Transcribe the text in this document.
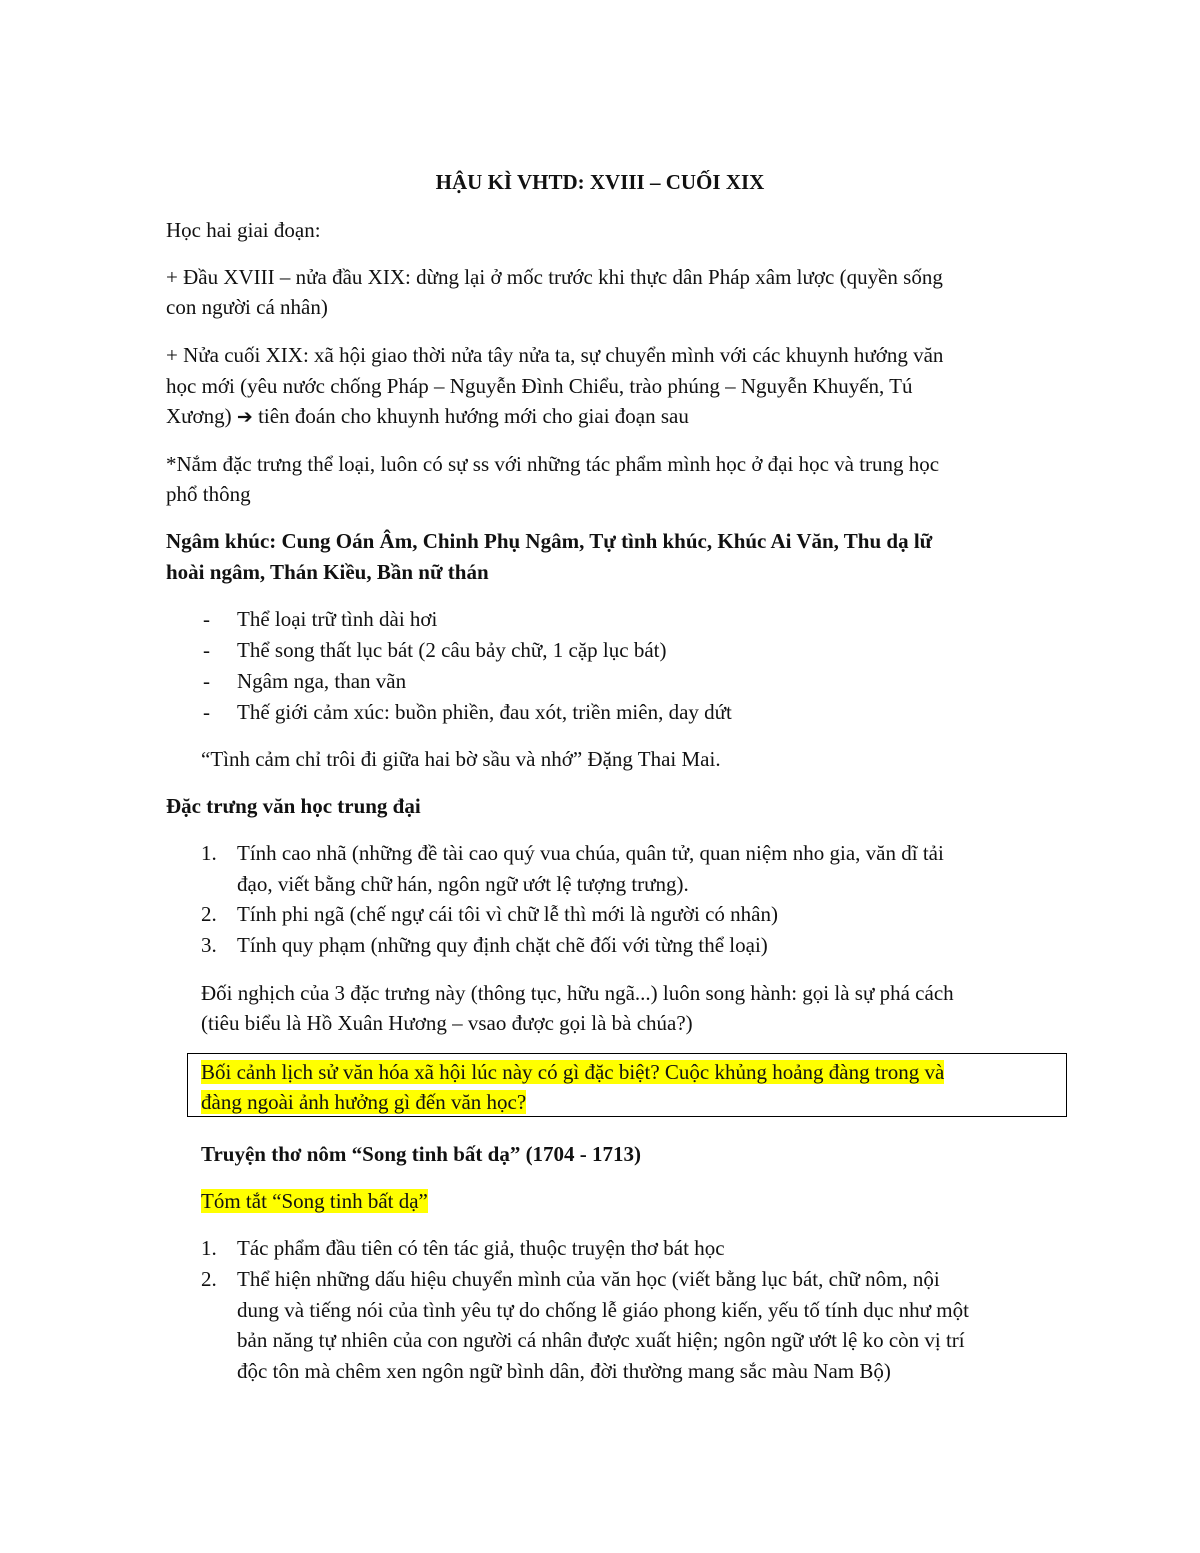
HẬU KÌ VHTD: XVIII – CUỐI XIX
Học hai giai đoạn:
+ Đầu XVIII – nửa đầu XIX: dừng lại ở mốc trước khi thực dân Pháp xâm lược (quyền sống
con người cá nhân)
+ Nửa cuối XIX: xã hội giao thời nửa tây nửa ta, sự chuyển mình với các khuynh hướng văn
học mới (yêu nước chống Pháp – Nguyễn Đình Chiểu, trào phúng – Nguyễn Khuyến, Tú
Xương) ➔ tiên đoán cho khuynh hướng mới cho giai đoạn sau
*Nắm đặc trưng thể loại, luôn có sự ss với những tác phẩm mình học ở đại học và trung học
phổ thông
Ngâm khúc: Cung Oán Âm, Chinh Phụ Ngâm, Tự tình khúc, Khúc Ai Văn, Thu dạ lữ
hoài ngâm, Thán Kiều, Bần nữ thán
- Thể loại trữ tình dài hơi
- Thể song thất lục bát (2 câu bảy chữ, 1 cặp lục bát)
- Ngâm nga, than vãn
- Thế giới cảm xúc: buồn phiền, đau xót, triền miên, day dứt
“Tình cảm chỉ trôi đi giữa hai bờ sầu và nhớ” Đặng Thai Mai.
Đặc trưng văn học trung đại
1. Tính cao nhã (những đề tài cao quý vua chúa, quân tử, quan niệm nho gia, văn dĩ tải
đạo, viết bằng chữ hán, ngôn ngữ ướt lệ tượng trưng).
2. Tính phi ngã (chế ngự cái tôi vì chữ lễ thì mới là người có nhân)
3. Tính quy phạm (những quy định chặt chẽ đối với từng thể loại)
Đối nghịch của 3 đặc trưng này (thông tục, hữu ngã...) luôn song hành: gọi là sự phá cách
(tiêu biểu là Hồ Xuân Hương – vsao được gọi là bà chúa?)
Bối cảnh lịch sử văn hóa xã hội lúc này có gì đặc biệt? Cuộc khủng hoảng đàng trong và
đàng ngoài ảnh hưởng gì đến văn học?
Truyện thơ nôm “Song tinh bất dạ” (1704 - 1713)
Tóm tắt “Song tinh bất dạ”
1. Tác phẩm đầu tiên có tên tác giả, thuộc truyện thơ bát học
2. Thể hiện những dấu hiệu chuyển mình của văn học (viết bằng lục bát, chữ nôm, nội
dung và tiếng nói của tình yêu tự do chống lễ giáo phong kiến, yếu tố tính dục như một
bản năng tự nhiên của con người cá nhân được xuất hiện; ngôn ngữ ướt lệ ko còn vị trí
độc tôn mà chêm xen ngôn ngữ bình dân, đời thường mang sắc màu Nam Bộ)
